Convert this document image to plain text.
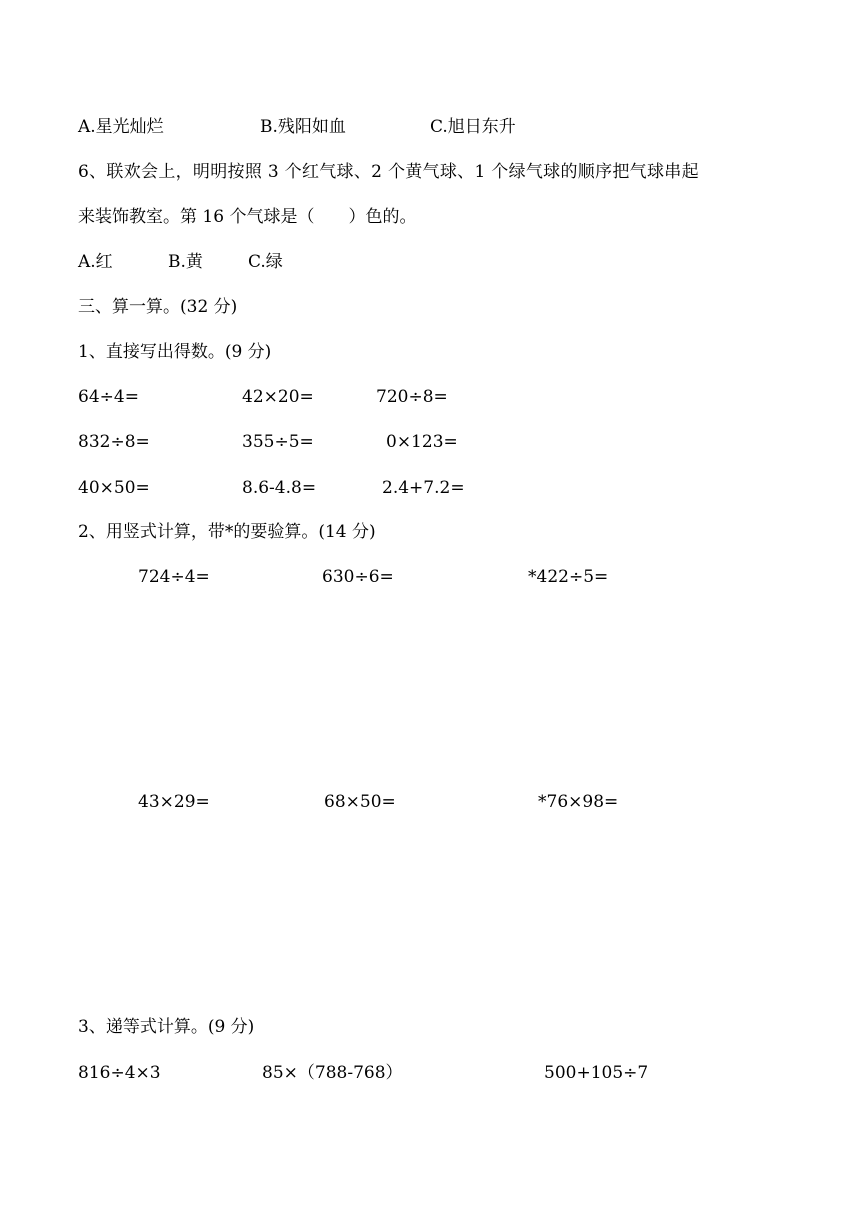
A.星光灿烂	B.残阳如血	C.旭日东升
6、联欢会上，明明按照 3 个红气球、2 个黄气球、1 个绿气球的顺序把气球串起
来装饰教室。第 16 个气球是（　　）色的。
A.红	B.黄	C.绿
三、算一算。(32 分)
1、直接写出得数。(9 分)
64÷4=	42×20=	720÷8=
832÷8=	355÷5=	0×123=
40×50=	8.6-4.8=	2.4+7.2=
2、用竖式计算，带*的要验算。(14 分)
724÷4=	630÷6=	*422÷5=
43×29=	68×50=	*76×98=
3、递等式计算。(9 分)
816÷4×3	85×（788-768）	500+105÷7
